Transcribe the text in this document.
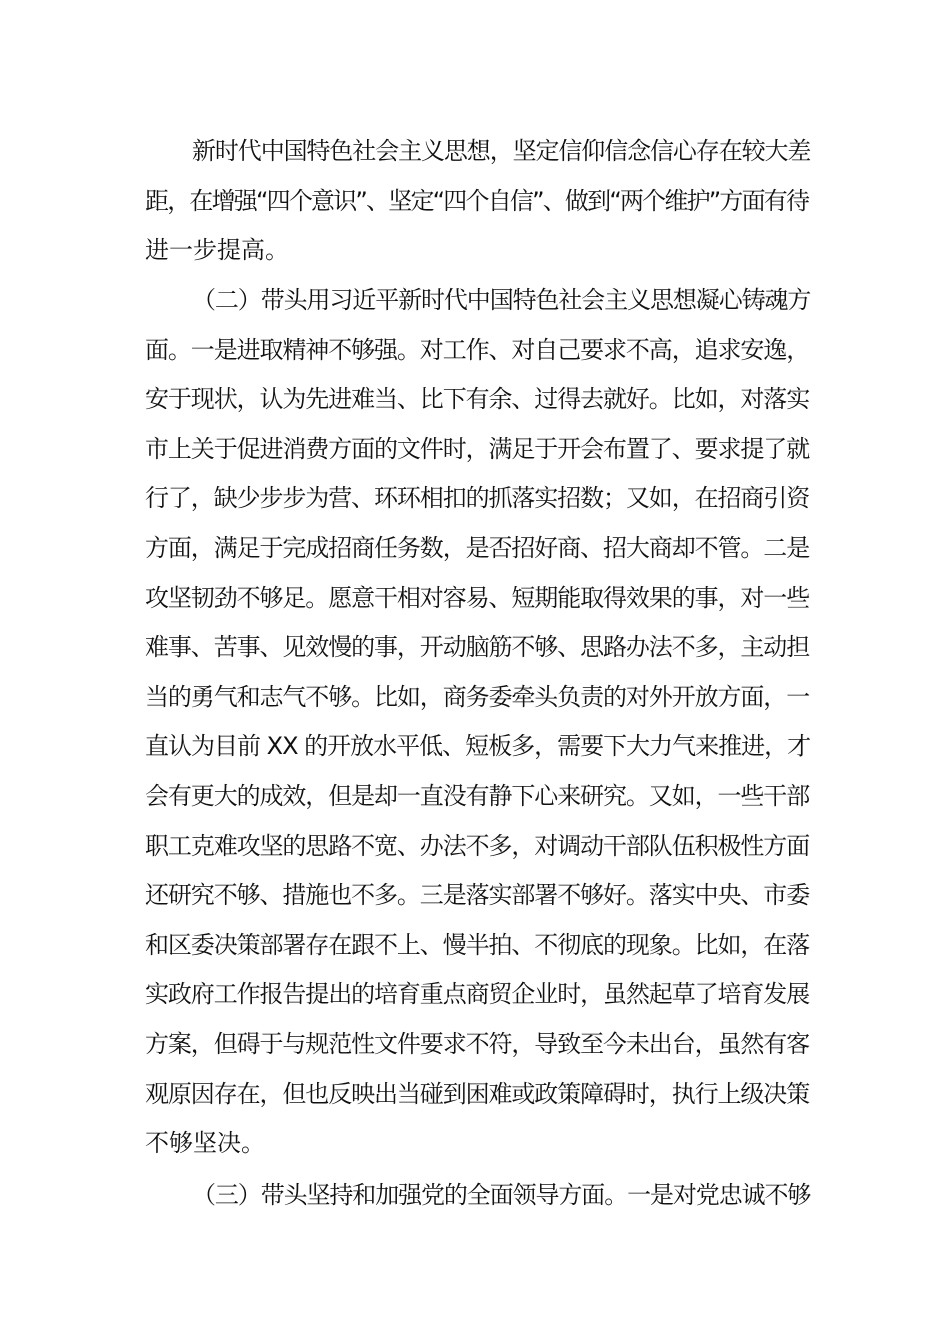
新时代中国特色社会主义思想，坚定信仰信念信心存在较大差
距，在增强“四个意识”、坚定“四个自信”、做到“两个维护”方面有待
进一步提高。
（二）带头用习近平新时代中国特色社会主义思想凝心铸魂方
面。一是进取精神不够强。对工作、对自己要求不高，追求安逸，
安于现状，认为先进难当、比下有余、过得去就好。比如，对落实
市上关于促进消费方面的文件时，满足于开会布置了、要求提了就
行了，缺少步步为营、环环相扣的抓落实招数；又如，在招商引资
方面，满足于完成招商任务数，是否招好商、招大商却不管。二是
攻坚韧劲不够足。愿意干相对容易、短期能取得效果的事，对一些
难事、苦事、见效慢的事，开动脑筋不够、思路办法不多，主动担
当的勇气和志气不够。比如，商务委牵头负责的对外开放方面，一
直认为目前 XX 的开放水平低、短板多，需要下大力气来推进，才
会有更大的成效，但是却一直没有静下心来研究。又如，一些干部
职工克难攻坚的思路不宽、办法不多，对调动干部队伍积极性方面
还研究不够、措施也不多。三是落实部署不够好。落实中央、市委
和区委决策部署存在跟不上、慢半拍、不彻底的现象。比如，在落
实政府工作报告提出的培育重点商贸企业时，虽然起草了培育发展
方案，但碍于与规范性文件要求不符，导致至今未出台，虽然有客
观原因存在，但也反映出当碰到困难或政策障碍时，执行上级决策
不够坚决。
（三）带头坚持和加强党的全面领导方面。一是对党忠诚不够
